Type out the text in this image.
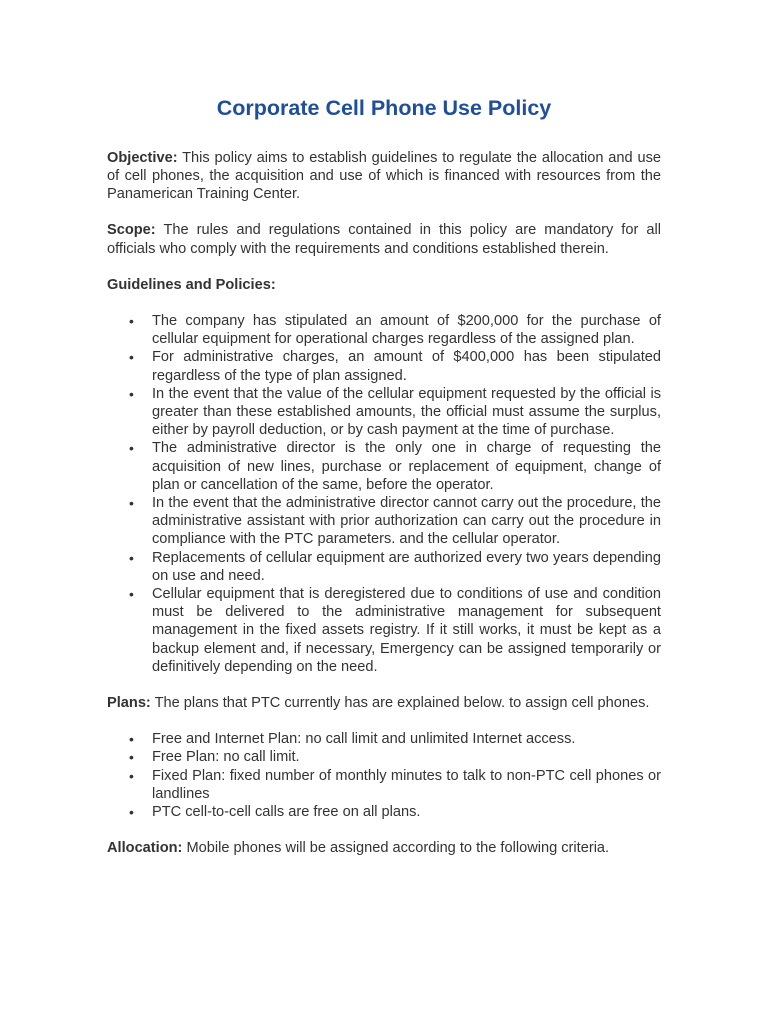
Corporate Cell Phone Use Policy

Objective: This policy aims to establish guidelines to regulate the allocation and use of cell phones, the acquisition and use of which is financed with resources from the Panamerican Training Center.

Scope: The rules and regulations contained in this policy are mandatory for all officials who comply with the requirements and conditions established therein.

Guidelines and Policies:

• The company has stipulated an amount of $200,000 for the purchase of cellular equipment for operational charges regardless of the assigned plan.
• For administrative charges, an amount of $400,000 has been stipulated regardless of the type of plan assigned.
• In the event that the value of the cellular equipment requested by the official is greater than these established amounts, the official must assume the surplus, either by payroll deduction, or by cash payment at the time of purchase.
• The administrative director is the only one in charge of requesting the acquisition of new lines, purchase or replacement of equipment, change of plan or cancellation of the same, before the operator.
• In the event that the administrative director cannot carry out the procedure, the administrative assistant with prior authorization can carry out the procedure in compliance with the PTC parameters. and the cellular operator.
• Replacements of cellular equipment are authorized every two years depending on use and need.
• Cellular equipment that is deregistered due to conditions of use and condition must be delivered to the administrative management for subsequent management in the fixed assets registry. If it still works, it must be kept as a backup element and, if necessary, Emergency can be assigned temporarily or definitively depending on the need.

Plans: The plans that PTC currently has are explained below. to assign cell phones.

• Free and Internet Plan: no call limit and unlimited Internet access.
• Free Plan: no call limit.
• Fixed Plan: fixed number of monthly minutes to talk to non-PTC cell phones or landlines
• PTC cell-to-cell calls are free on all plans.

Allocation: Mobile phones will be assigned according to the following criteria.
